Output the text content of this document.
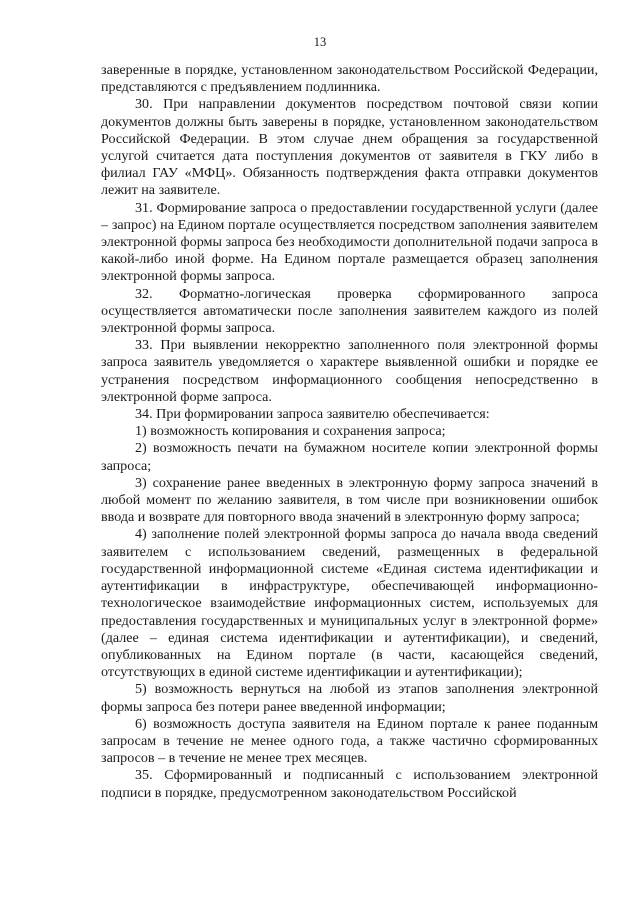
13

заверенные в порядке, установленном законодательством Российской Федерации, представляются с предъявлением подлинника.

30. При направлении документов посредством почтовой связи копии документов должны быть заверены в порядке, установленном законодательством Российской Федерации. В этом случае днем обращения за государственной услугой считается дата поступления документов от заявителя в ГКУ либо в филиал ГАУ «МФЦ». Обязанность подтверждения факта отправки документов лежит на заявителе.

31. Формирование запроса о предоставлении государственной услуги (далее – запрос) на Едином портале осуществляется посредством заполнения заявителем электронной формы запроса без необходимости дополнительной подачи запроса в какой-либо иной форме. На Едином портале размещается образец заполнения электронной формы запроса.

32. Форматно-логическая проверка сформированного запроса осуществляется автоматически после заполнения заявителем каждого из полей электронной формы запроса.

33. При выявлении некорректно заполненного поля электронной формы запроса заявитель уведомляется о характере выявленной ошибки и порядке ее устранения посредством информационного сообщения непосредственно в электронной форме запроса.

34. При формировании запроса заявителю обеспечивается:

1) возможность копирования и сохранения запроса;

2) возможность печати на бумажном носителе копии электронной формы запроса;

3) сохранение ранее введенных в электронную форму запроса значений в любой момент по желанию заявителя, в том числе при возникновении ошибок ввода и возврате для повторного ввода значений в электронную форму запроса;

4) заполнение полей электронной формы запроса до начала ввода сведений заявителем с использованием сведений, размещенных в федеральной государственной информационной системе «Единая система идентификации и аутентификации в инфраструктуре, обеспечивающей информационно-технологическое взаимодействие информационных систем, используемых для предоставления государственных и муниципальных услуг в электронной форме» (далее – единая система идентификации и аутентификации), и сведений, опубликованных на Едином портале (в части, касающейся сведений, отсутствующих в единой системе идентификации и аутентификации);

5) возможность вернуться на любой из этапов заполнения электронной формы запроса без потери ранее введенной информации;

6) возможность доступа заявителя на Едином портале к ранее поданным запросам в течение не менее одного года, а также частично сформированных запросов – в течение не менее трех месяцев.

35. Сформированный и подписанный с использованием электронной подписи в порядке, предусмотренном законодательством Российской
